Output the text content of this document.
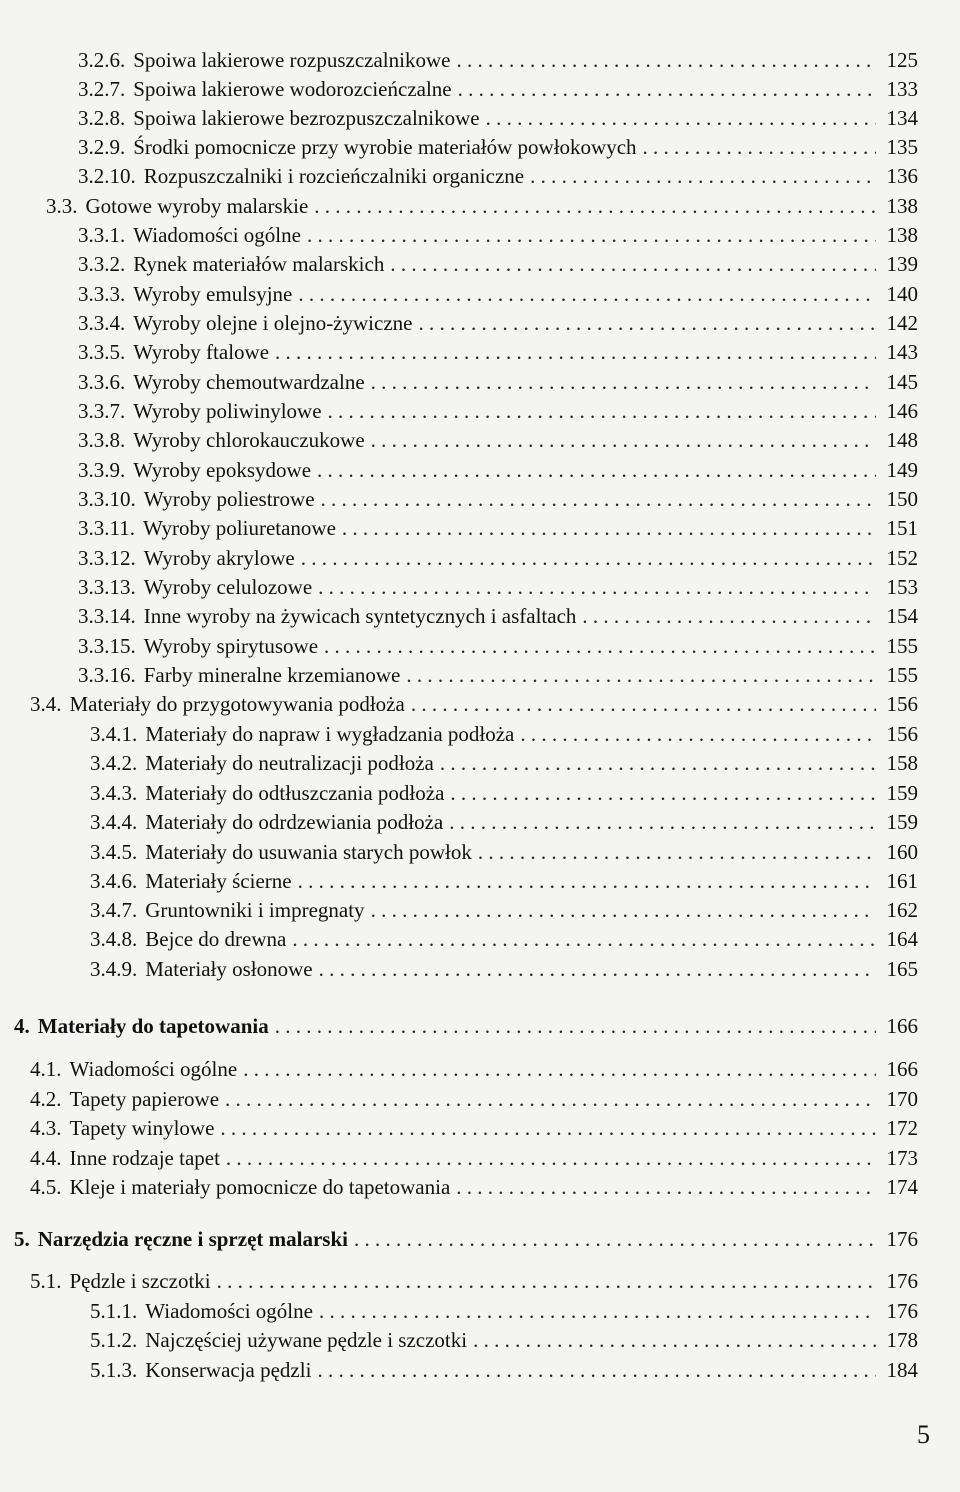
3.2.6. Spoiwa lakierowe rozpuszczalnikowe . . .	125
3.2.7. Spoiwa lakierowe wodorozcieńczalne . . .	133
3.2.8. Spoiwa lakierowe bezrozpuszczalnikowe . . .	134
3.2.9. Środki pomocnicze przy wyrobie materiałów powłokowych . . .	135
3.2.10. Rozpuszczalniki i rozcieńczalniki organiczne . . .	136
3.3. Gotowe wyroby malarskie . . .	138
3.3.1. Wiadomości ogólne . . .	138
3.3.2. Rynek materiałów malarskich . . .	139
3.3.3. Wyroby emulsyjne . . .	140
3.3.4. Wyroby olejne i olejno-żywiczne . . .	142
3.3.5. Wyroby ftalowe . . .	143
3.3.6. Wyroby chemoutwardzalne . . .	145
3.3.7. Wyroby poliwinylowe . . .	146
3.3.8. Wyroby chlorokauczukowe . . .	148
3.3.9. Wyroby epoksydowe . . .	149
3.3.10. Wyroby poliestrowe . . .	150
3.3.11. Wyroby poliuretanowe . . .	151
3.3.12. Wyroby akrylowe . . .	152
3.3.13. Wyroby celulozowe . . .	153
3.3.14. Inne wyroby na żywicach syntetycznych i asfaltach . . .	154
3.3.15. Wyroby spirytusowe . . .	155
3.3.16. Farby mineralne krzemianowe . . .	155
3.4. Materiały do przygotowywania podłoża . . .	156
3.4.1. Materiały do napraw i wygładzania podłoża . . .	156
3.4.2. Materiały do neutralizacji podłoża . . .	158
3.4.3. Materiały do odtłuszczania podłoża . . .	159
3.4.4. Materiały do odrdzewiania podłoża . . .	159
3.4.5. Materiały do usuwania starych powłok . . .	160
3.4.6. Materiały ścierne . . .	161
3.4.7. Gruntowniki i impregnaty . . .	162
3.4.8. Bejce do drewna . . .	164
3.4.9. Materiały osłonowe . . .	165
4. Materiały do tapetowania . . .	166
4.1. Wiadomości ogólne . . .	166
4.2. Tapety papierowe . . .	170
4.3. Tapety winylowe . . .	172
4.4. Inne rodzaje tapet . . .	173
4.5. Kleje i materiały pomocnicze do tapetowania . . .	174
5. Narzędzia ręczne i sprzęt malarski . . .	176
5.1. Pędzle i szczotki . . .	176
5.1.1. Wiadomości ogólne . . .	176
5.1.2. Najczęściej używane pędzle i szczotki . . .	178
5.1.3. Konserwacja pędzli . . .	184
5
